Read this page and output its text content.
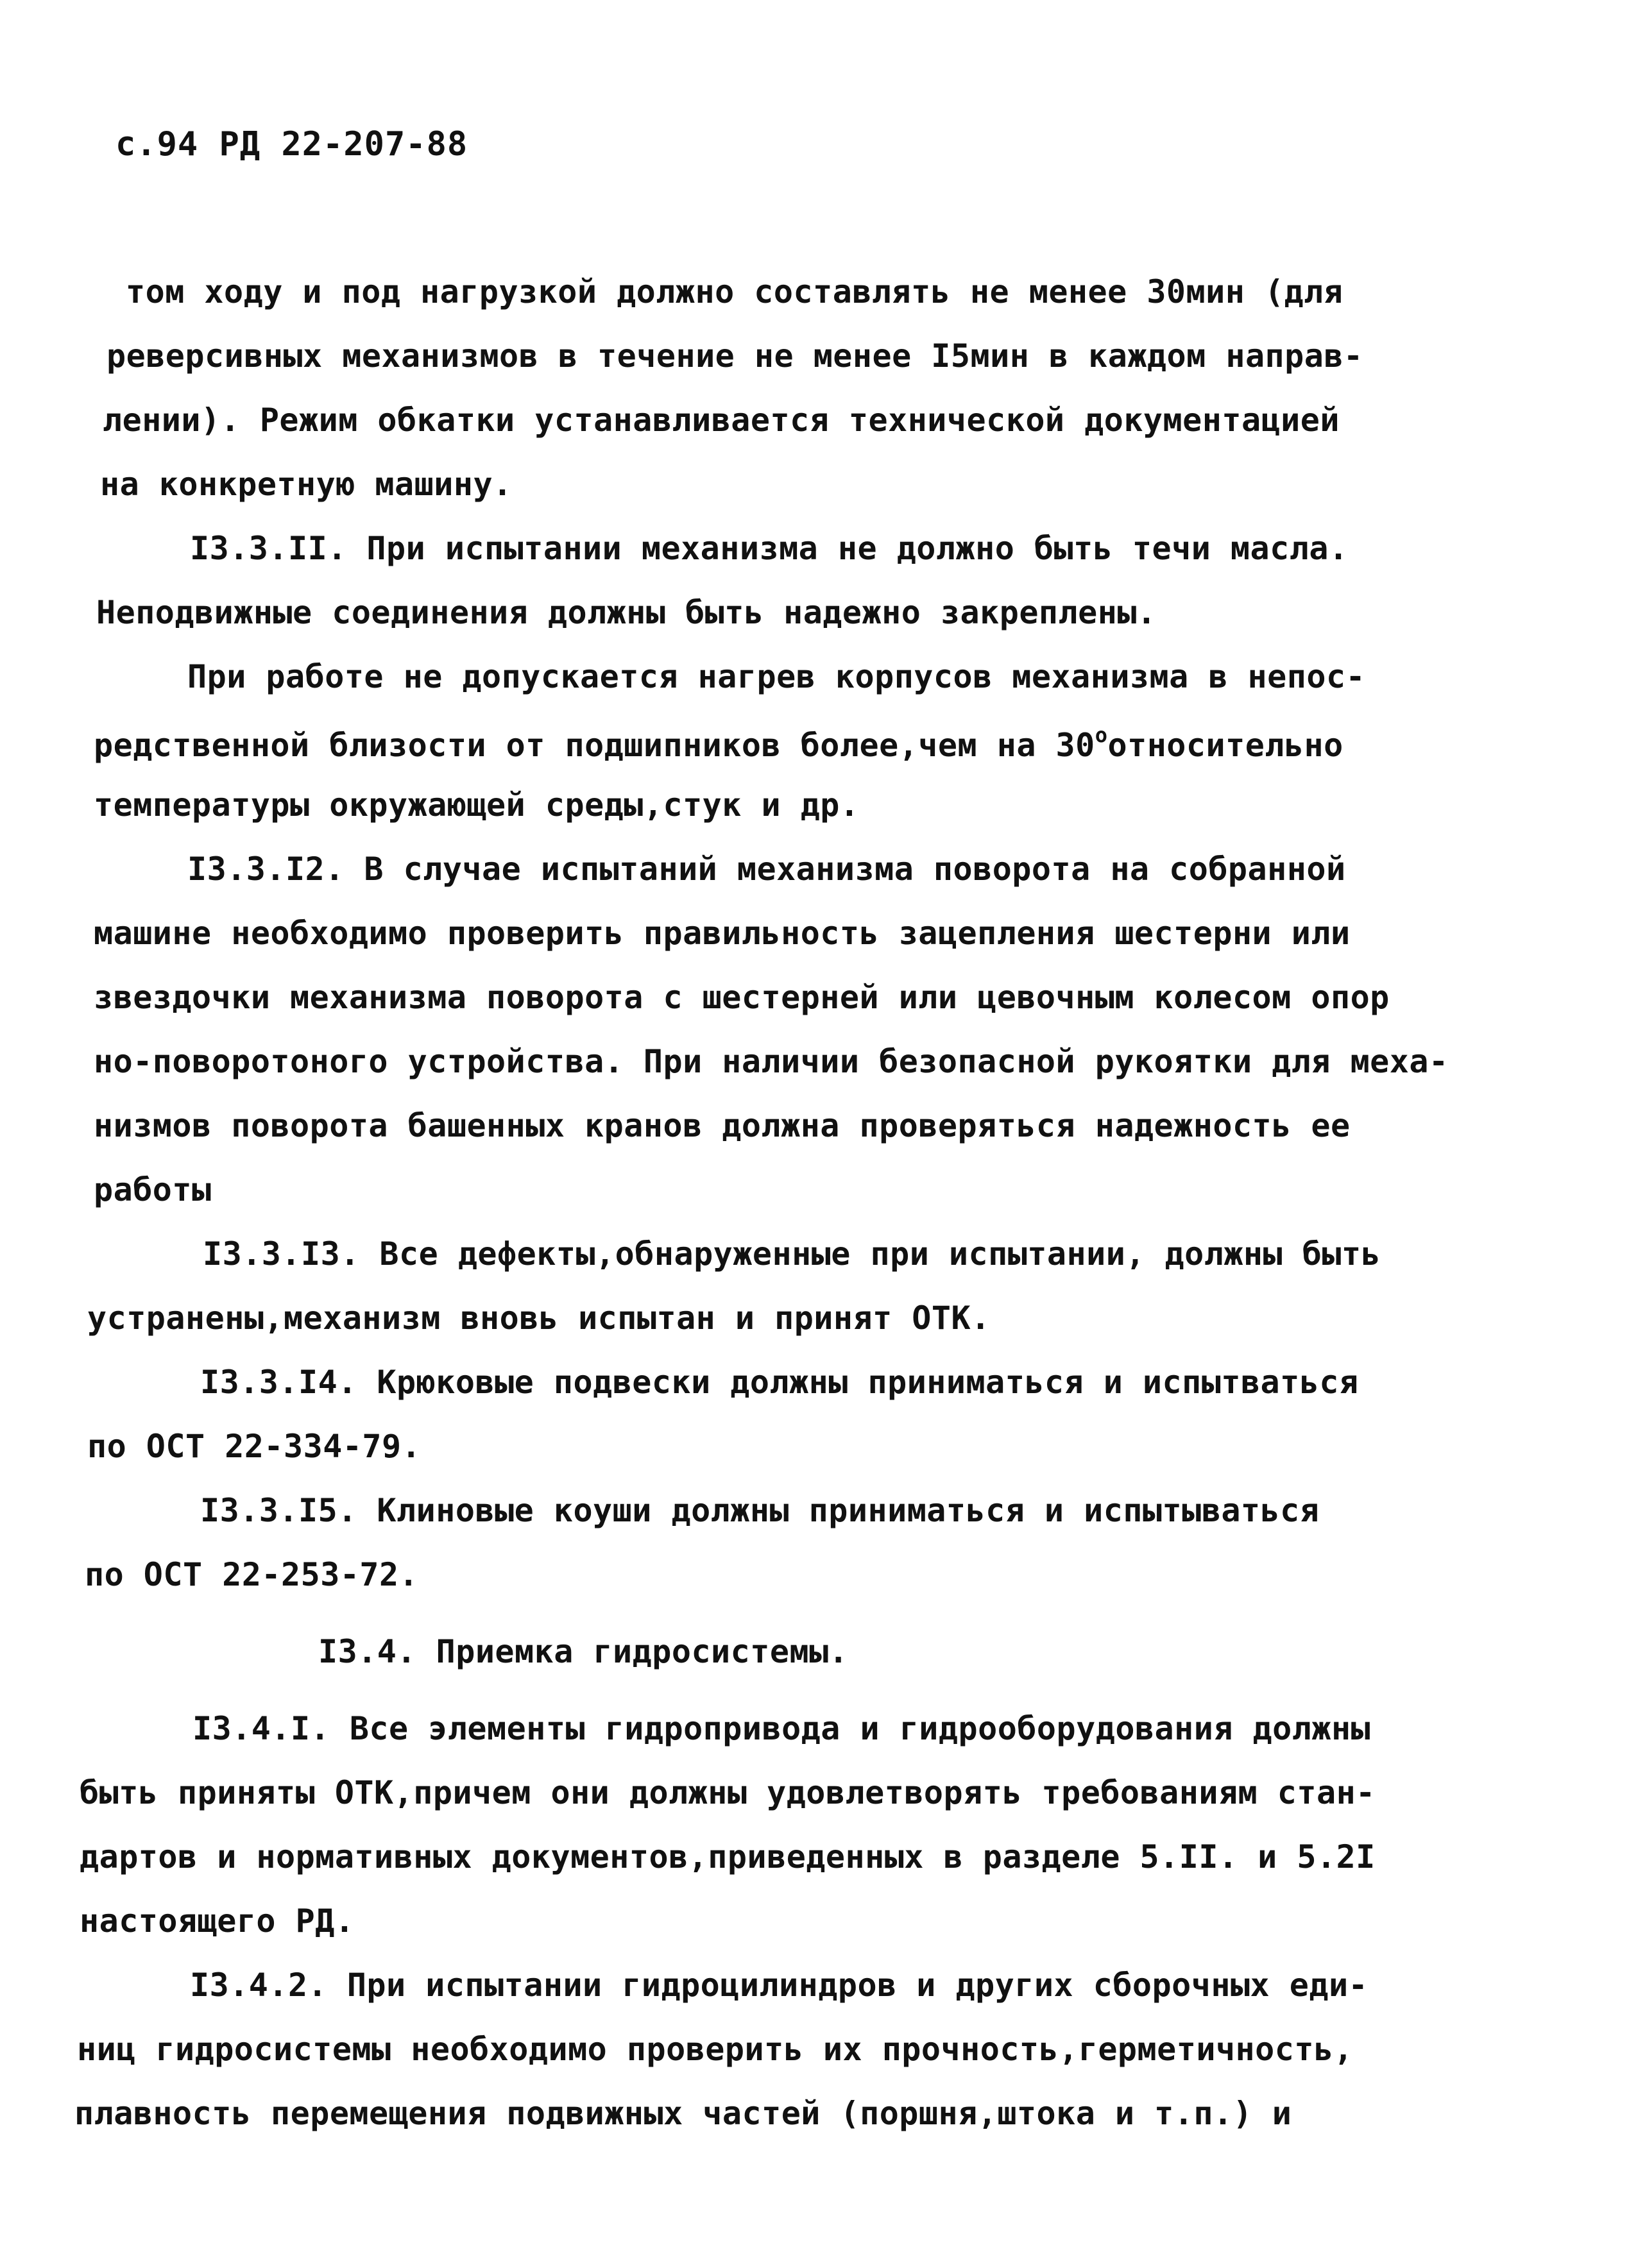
с.94 РД 22-207-88
том ходу и под нагрузкой должно составлять не менее 30мин (для
реверсивных механизмов в течение не менее I5мин в каждом направ-
лении). Режим обкатки устанавливается технической документацией
на конкретную машину.
I3.3.II. При испытании механизма не должно быть течи масла.
Неподвижные соединения должны быть надежно закреплены.
При работе не допускается нагрев корпусов механизма в непос-
редственной близости от подшипников более,чем на $30^оотносительно$
температуры окружающей среды,стук и др.
I3.3.I2. В случае испытаний механизма поворота на собранной
машине необходимо проверить правильность зацепления шестерни или
звездочки механизма поворота с шестерней или цевочным колесом опор
но-поворотоного устройства. При наличии безопасной рукоятки для меха-
низмов поворота башенных кранов должна проверяться надежность ее
работы
I3.3.I3. Все дефекты,обнаруженные при испытании, должны быть
устранены,механизм вновь испытан и принят ОТК.
I3.3.I4. Крюковые подвески должны приниматься и испытваться
по ОСТ 22-334-79.
I3.3.I5. Клиновые коуши должны приниматься и испытываться
по ОСТ 22-253-72.
I3.4. Приемка гидросистемы.
I3.4.I. Все элементы гидропривода и гидрооборудования должны
быть приняты ОТК,причем они должны удовлетворять требованиям стан-
дартов и нормативных документов,приведенных в разделе 5.II. и 5.2I
настоящего РД.
I3.4.2. При испытании гидроцилиндров и других сборочных еди-
ниц гидросистемы необходимо проверить их прочность,герметичность,
плавность перемещения подвижных частей (поршня,штока и т.п.) и
